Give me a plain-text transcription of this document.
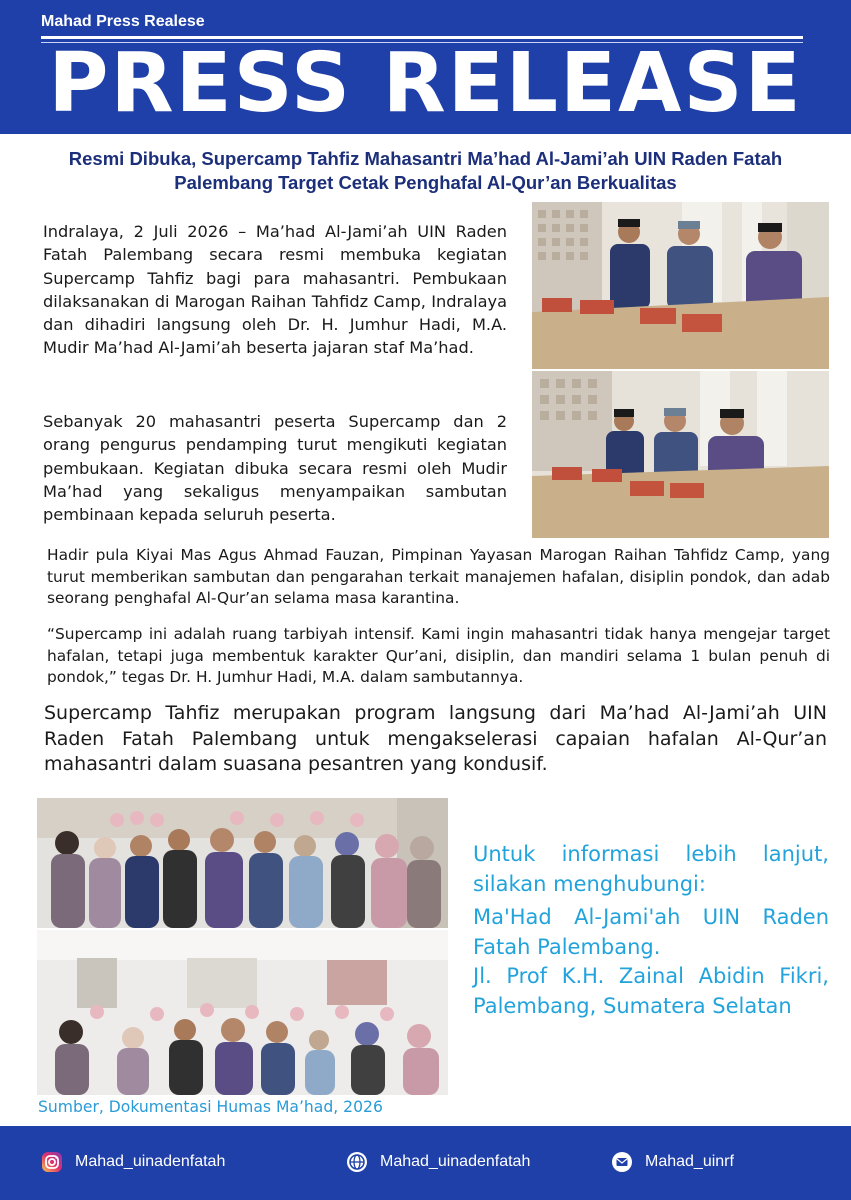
Mahad Press Realese
PRESS RELEASE
Resmi Dibuka, Supercamp Tahfiz Mahasantri Ma’had Al-Jami’ah UIN Raden Fatah Palembang Target Cetak Penghafal Al-Qur’an Berkualitas
Indralaya, 2 Juli 2026 – Ma’had Al-Jami’ah UIN Raden Fatah Palembang secara resmi membuka kegiatan Supercamp Tahfiz bagi para mahasantri. Pembukaan dilaksanakan di Marogan Raihan Tahfidz Camp, Indralaya dan dihadiri langsung oleh Dr. H. Jumhur Hadi, M.A. Mudir Ma’had Al-Jami’ah beserta jajaran staf Ma’had.
Sebanyak 20 mahasantri peserta Supercamp dan 2 orang pengurus pendamping turut mengikuti kegiatan pembukaan. Kegiatan dibuka secara resmi oleh Mudir Ma’had yang sekaligus menyampaikan sambutan pembinaan kepada seluruh peserta.
Hadir pula Kiyai Mas Agus Ahmad Fauzan, Pimpinan Yayasan Marogan Raihan Tahfidz Camp, yang turut memberikan sambutan dan pengarahan terkait manajemen hafalan, disiplin pondok, dan adab seorang penghafal Al-Qur’an selama masa karantina.
“Supercamp ini adalah ruang tarbiyah intensif. Kami ingin mahasantri tidak hanya mengejar target hafalan, tetapi juga membentuk karakter Qur’ani, disiplin, dan mandiri selama 1 bulan penuh di pondok,” tegas Dr. H. Jumhur Hadi, M.A. dalam sambutannya.
Supercamp Tahfiz merupakan program langsung dari Ma’had Al-Jami’ah UIN Raden Fatah Palembang untuk mengakselerasi capaian hafalan Al-Qur’an mahasantri dalam suasana pesantren yang kondusif.
Sumber, Dokumentasi Humas Ma’had, 2026
Untuk informasi lebih lanjut, silakan menghubungi:
Ma'Had Al-Jami'ah UIN Raden Fatah Palembang.
Jl. Prof K.H. Zainal Abidin Fikri, Palembang, Sumatera Selatan
Mahad_uinadenfatah	Mahad_uinadenfatah	Mahad_uinrf
